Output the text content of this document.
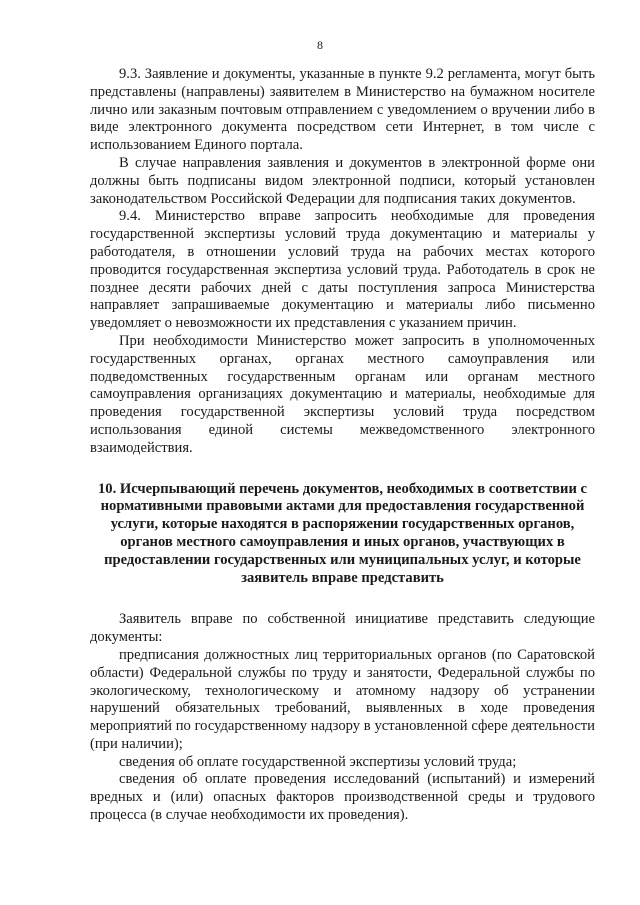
8

9.3. Заявление и документы, указанные в пункте 9.2 регламента, могут быть представлены (направлены) заявителем в Министерство на бумажном носителе лично или заказным почтовым отправлением с уведомлением о вручении либо в виде электронного документа посредством сети Интернет, в том числе с использованием Единого портала.

В случае направления заявления и документов в электронной форме они должны быть подписаны видом электронной подписи, который установлен законодательством Российской Федерации для подписания таких документов.

9.4. Министерство вправе запросить необходимые для проведения государственной экспертизы условий труда документацию и материалы у работодателя, в отношении условий труда на рабочих местах которого проводится государственная экспертиза условий труда. Работодатель в срок не позднее десяти рабочих дней с даты поступления запроса Министерства направляет запрашиваемые документацию и материалы либо письменно уведомляет о невозможности их представления с указанием причин.

При необходимости Министерство может запросить в уполномоченных государственных органах, органах местного самоуправления или подведомственных государственным органам или органам местного самоуправления организациях документацию и материалы, необходимые для проведения государственной экспертизы условий труда посредством использования единой системы межведомственного электронного взаимодействия.

10. Исчерпывающий перечень документов, необходимых в соответствии с нормативными правовыми актами для предоставления государственной услуги, которые находятся в распоряжении государственных органов, органов местного самоуправления и иных органов, участвующих в предоставлении государственных или муниципальных услуг, и которые заявитель вправе представить

Заявитель вправе по собственной инициативе представить следующие документы:

предписания должностных лиц территориальных органов (по Саратовской области) Федеральной службы по труду и занятости, Федеральной службы по экологическому, технологическому и атомному надзору об устранении нарушений обязательных требований, выявленных в ходе проведения мероприятий по государственному надзору в установленной сфере деятельности (при наличии);

сведения об оплате государственной экспертизы условий труда;

сведения об оплате проведения исследований (испытаний) и измерений вредных и (или) опасных факторов производственной среды и трудового процесса (в случае необходимости их проведения).
